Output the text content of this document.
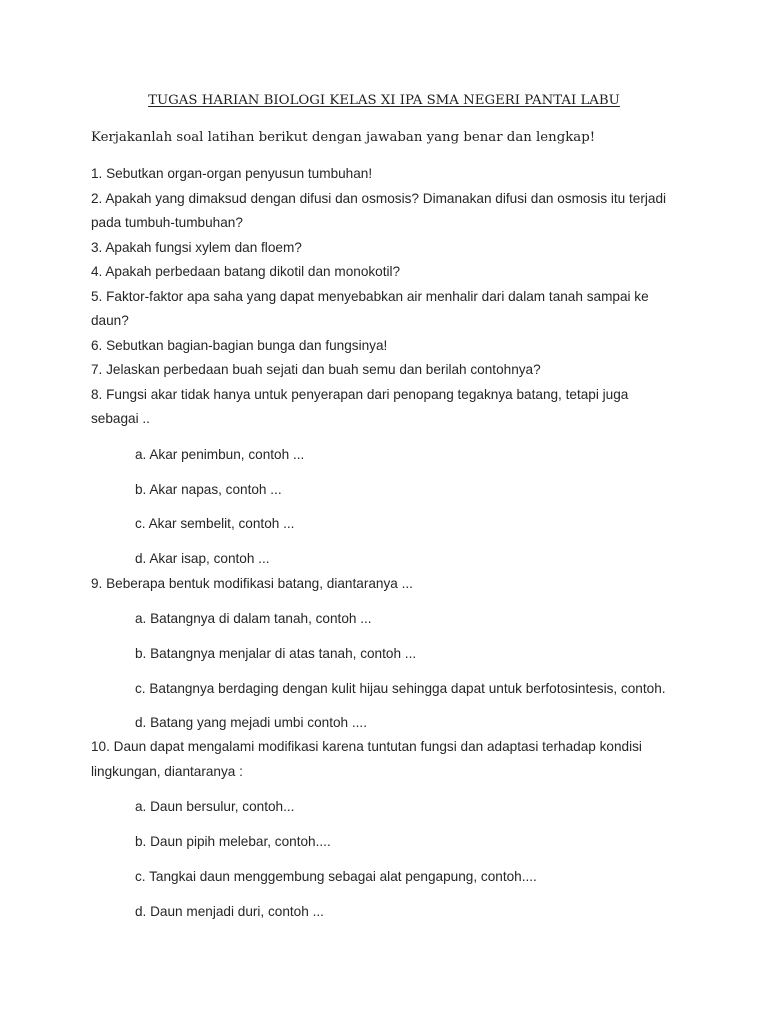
TUGAS HARIAN BIOLOGI KELAS XI IPA SMA NEGERI PANTAI LABU
Kerjakanlah soal latihan berikut dengan jawaban yang benar dan lengkap!
1. Sebutkan organ-organ penyusun tumbuhan!
2. Apakah yang dimaksud dengan difusi dan osmosis? Dimanakan difusi dan osmosis itu terjadi
pada tumbuh-tumbuhan?
3. Apakah fungsi xylem dan floem?
4. Apakah perbedaan batang dikotil dan monokotil?
5. Faktor-faktor apa saha yang dapat menyebabkan air menhalir dari dalam tanah sampai ke
daun?
6. Sebutkan bagian-bagian bunga dan fungsinya!
7. Jelaskan perbedaan buah sejati dan buah semu dan berilah contohnya?
8. Fungsi akar tidak hanya untuk penyerapan dari penopang tegaknya batang, tetapi juga
sebagai ..
a. Akar penimbun, contoh ...
b. Akar napas, contoh ...
c. Akar sembelit, contoh ...
d. Akar isap, contoh ...
9. Beberapa bentuk modifikasi batang, diantaranya ...
a. Batangnya di dalam tanah, contoh ...
b. Batangnya menjalar di atas tanah, contoh ...
c. Batangnya berdaging dengan kulit hijau sehingga dapat untuk berfotosintesis, contoh.
d. Batang yang mejadi umbi contoh ....
10. Daun dapat mengalami modifikasi karena tuntutan fungsi dan adaptasi terhadap kondisi
lingkungan, diantaranya :
a. Daun bersulur, contoh...
b. Daun pipih melebar, contoh....
c. Tangkai daun menggembung sebagai alat pengapung, contoh....
d. Daun menjadi duri, contoh ...
